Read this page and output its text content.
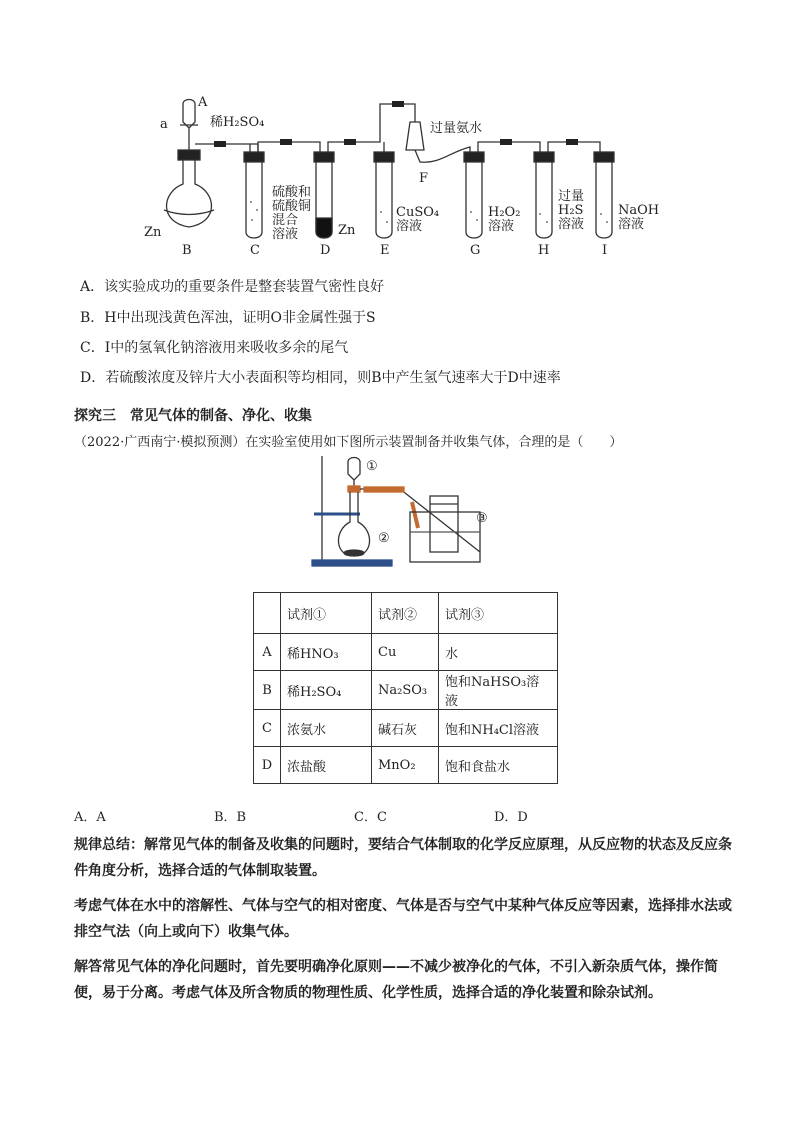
A
a	稀H₂SO₄
Zn
硫酸和
硫酸铜
混合
溶液	Zn
CuSO₄
溶液
过量氨水
F
H₂O₂
溶液
过量
H₂S
溶液
NaOH
溶液
B	C	D	E	G	H	I
A．该实验成功的重要条件是整套装置气密性良好
B．H中出现浅黄色浑浊，证明O非金属性强于S
C．I中的氢氧化钠溶液用来吸收多余的尾气
D．若硫酸浓度及锌片大小表面积等均相同，则B中产生氢气速率大于D中速率
探究三　常见气体的制备、净化、收集
（2022·广西南宁·模拟预测）在实验室使用如下图所示装置制备并收集气体，合理的是（　　）
①
②
③
	试剂①	试剂②	试剂③
A	稀HNO₃	Cu	水
B	稀H₂SO₄	Na₂SO₃	饱和NaHSO₃溶液
C	浓氨水	碱石灰	饱和NH₄Cl溶液
D	浓盐酸	MnO₂	饱和食盐水
A．A	B．B	C．C	D．D
规律总结：解常见气体的制备及收集的问题时，要结合气体制取的化学反应原理，从反应物的状态及反应条件角度分析，选择合适的气体制取装置。
考虑气体在水中的溶解性、气体与空气的相对密度、气体是否与空气中某种气体反应等因素，选择排水法或排空气法（向上或向下）收集气体。
解答常见气体的净化问题时，首先要明确净化原则——不减少被净化的气体，不引入新杂质气体，操作简便，易于分离。考虑气体及所含物质的物理性质、化学性质，选择合适的净化装置和除杂试剂。
